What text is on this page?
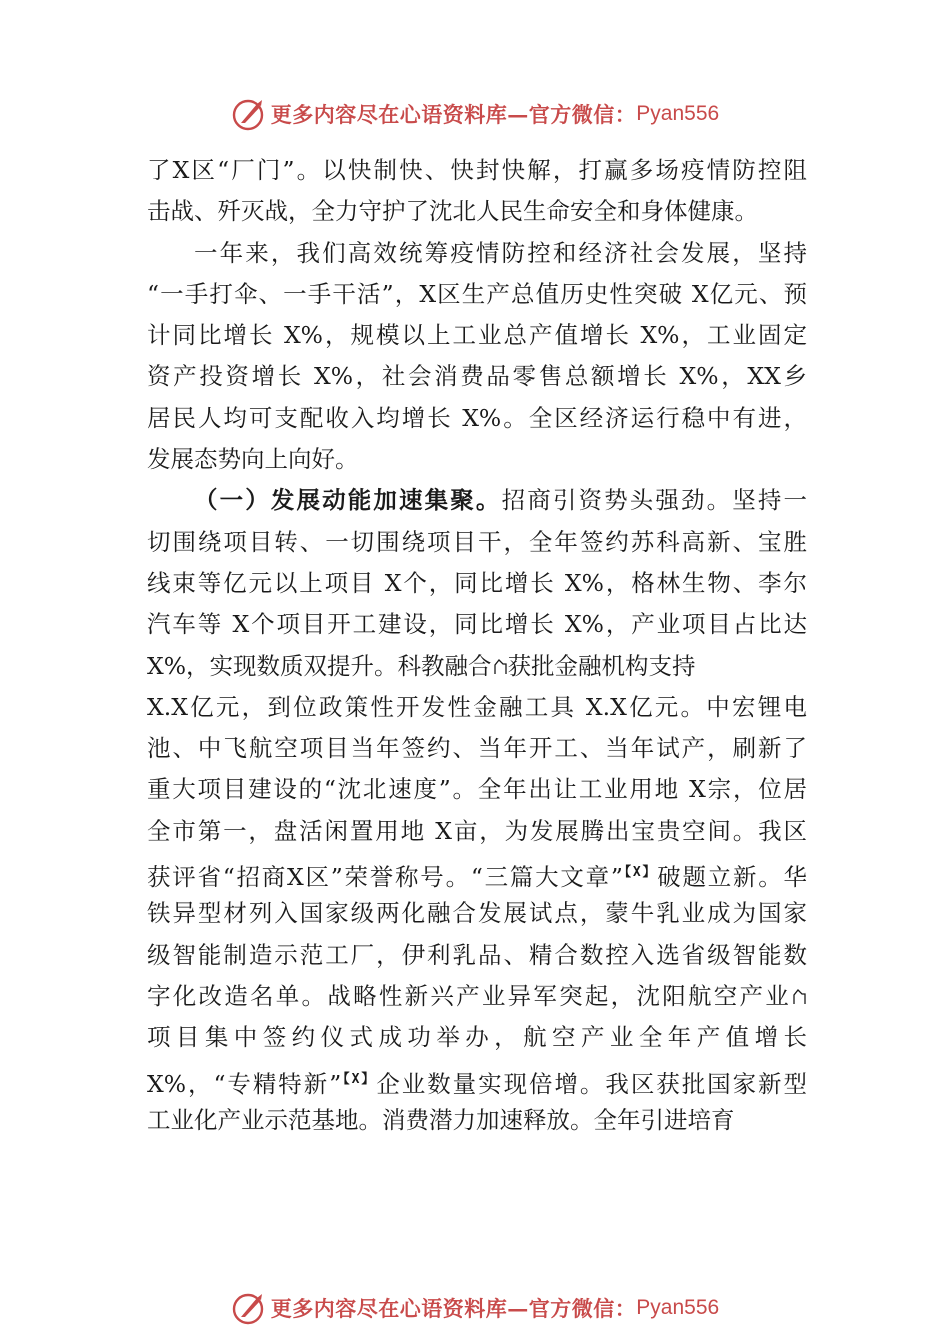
更多内容尽在心语资料库—官方微信： Pyan556
了X区“厂门”。以快制快、快封快解，打赢多场疫情防控阻
击战、歼灭战，全力守护了沈北人民生命安全和身体健康。
一年来，我们高效统筹疫情防控和经济社会发展，坚持
“一手打伞、一手干活”，X区生产总值历史性突破 X亿元、预
计同比增长 X%，规模以上工业总产值增长 X%，工业固定
资产投资增长 X%，社会消费品零售总额增长 X%，XX乡
居民人均可支配收入均增长 X%。全区经济运行稳中有进，
发展态势向上向好。
（一）发展动能加速集聚。招商引资势头强劲。坚持一
切围绕项目转、一切围绕项目干，全年签约苏科高新、宝胜
线束等亿元以上项目 X个，同比增长 X%，格林生物、李尔
汽车等 X个项目开工建设，同比增长 X%，产业项目占比达
X%，实现数质双提升。科教融合 获批金融机构支持
X.X亿元，到位政策性开发性金融工具 X.X亿元。中宏锂电
池、中飞航空项目当年签约、当年开工、当年试产，刷新了
重大项目建设的“沈北速度”。全年出让工业用地 X宗，位居
全市第一，盘活闲置用地 X亩，为发展腾出宝贵空间。我区
获评省“招商X区”荣誉称号。“三篇大文章”$^{【X】}$破题立新。华
铁异型材列入国家级两化融合发展试点，蒙牛乳业成为国家
级智能制造示范工厂，伊利乳品、精合数控入选省级智能数
字化改造名单。战略性新兴产业异军突起，沈阳航空产业
项目集中签约仪式成功举办，航空产业全年产值增长
X%，“专精特新”$^{【X】}$企业数量实现倍增。我区获批国家新型
工业化产业示范基地。消费潜力加速释放。全年引进培育
更多内容尽在心语资料库—官方微信： Pyan556
